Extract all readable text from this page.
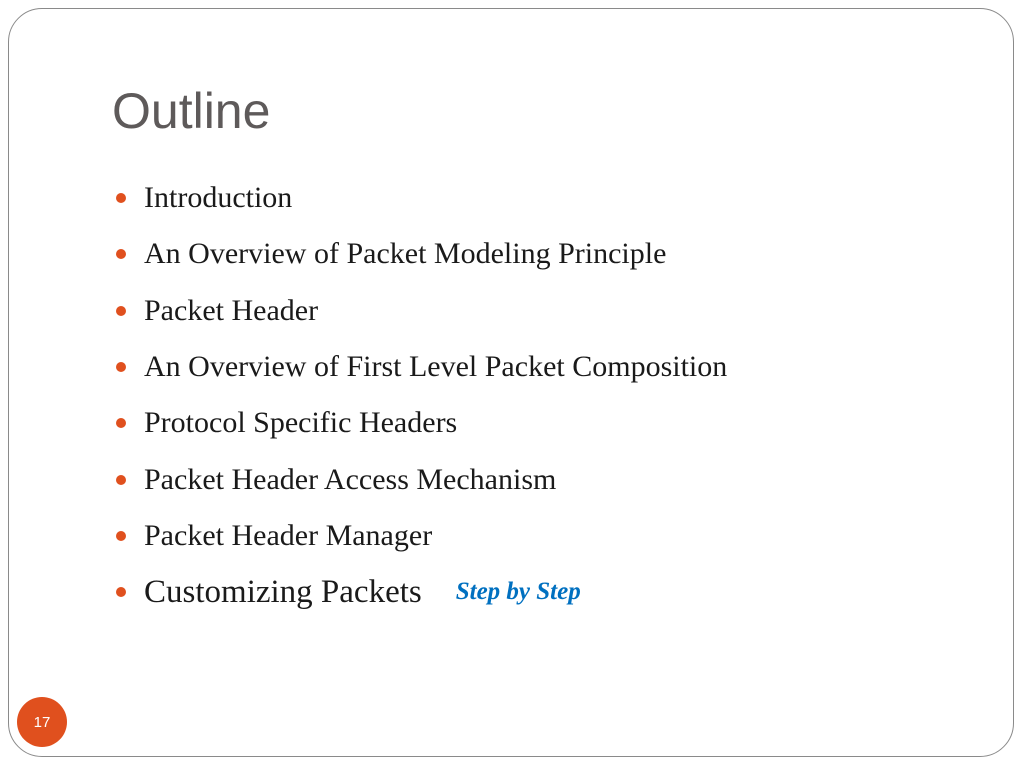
Outline
Introduction
An Overview of Packet Modeling Principle
Packet Header
An Overview of First Level Packet Composition
Protocol Specific Headers
Packet Header Access Mechanism
Packet Header Manager
Customizing Packets Step by Step
17
